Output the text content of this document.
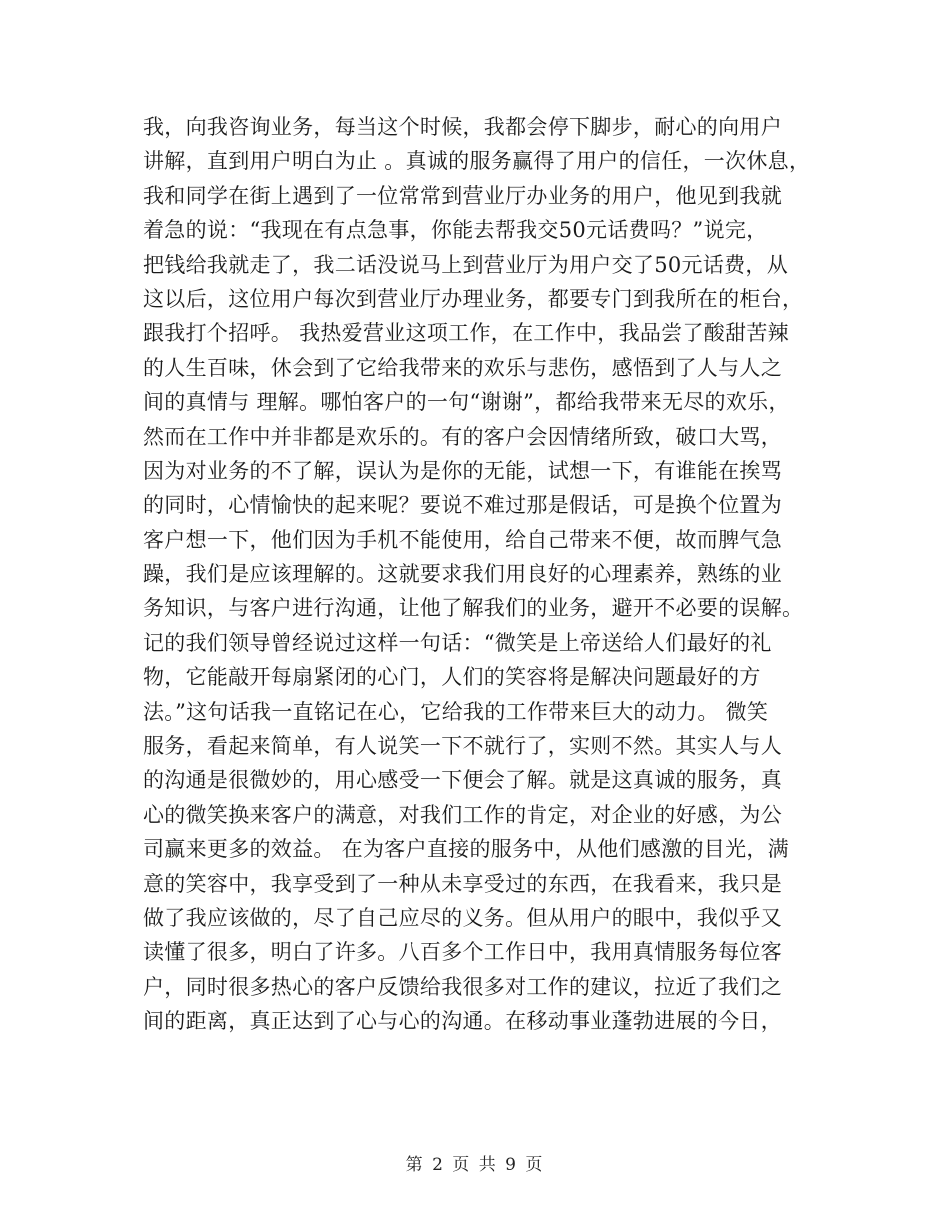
我，向我咨询业务，每当这个时候，我都会停下脚步，耐心的向用户
讲解，直到用户明白为止 。真诚的服务赢得了用户的信任，一次休息，
我和同学在街上遇到了一位常常到营业厅办业务的用户，他见到我就
着急的说：“我现在有点急事，你能去帮我交50元话费吗？”说完，
把钱给我就走了，我二话没说马上到营业厅为用户交了50元话费，从
这以后，这位用户每次到营业厅办理业务，都要专门到我所在的柜台，
跟我打个招呼。 我热爱营业这项工作，在工作中，我品尝了酸甜苦辣
的人生百味，休会到了它给我带来的欢乐与悲伤，感悟到了人与人之
间的真情与 理解。哪怕客户的一句“谢谢”，都给我带来无尽的欢乐，
然而在工作中并非都是欢乐的。有的客户会因情绪所致，破口大骂，
因为对业务的不了解，误认为是你的无能，试想一下，有谁能在挨骂
的同时，心情愉快的起来呢？要说不难过那是假话，可是换个位置为
客户想一下，他们因为手机不能使用，给自己带来不便，故而脾气急
躁，我们是应该理解的。这就要求我们用良好的心理素养，熟练的业
务知识，与客户进行沟通，让他了解我们的业务，避开不必要的误解。
记的我们领导曾经说过这样一句话：“微笑是上帝送给人们最好的礼
物，它能敲开每扇紧闭的心门，人们的笑容将是解决问题最好的方
法。”这句话我一直铭记在心，它给我的工作带来巨大的动力。 微笑
服务，看起来简单，有人说笑一下不就行了，实则不然。其实人与人
的沟通是很微妙的，用心感受一下便会了解。就是这真诚的服务，真
心的微笑换来客户的满意，对我们工作的肯定，对企业的好感，为公
司赢来更多的效益。 在为客户直接的服务中，从他们感激的目光，满
意的笑容中，我享受到了一种从未享受过的东西，在我看来，我只是
做了我应该做的，尽了自己应尽的义务。但从用户的眼中，我似乎又
读懂了很多，明白了许多。八百多个工作日中，我用真情服务每位客
户，同时很多热心的客户反馈给我很多对工作的建议，拉近了我们之
间的距离，真正达到了心与心的沟通。在移动事业蓬勃进展的今日，
第 2 页 共 9 页
